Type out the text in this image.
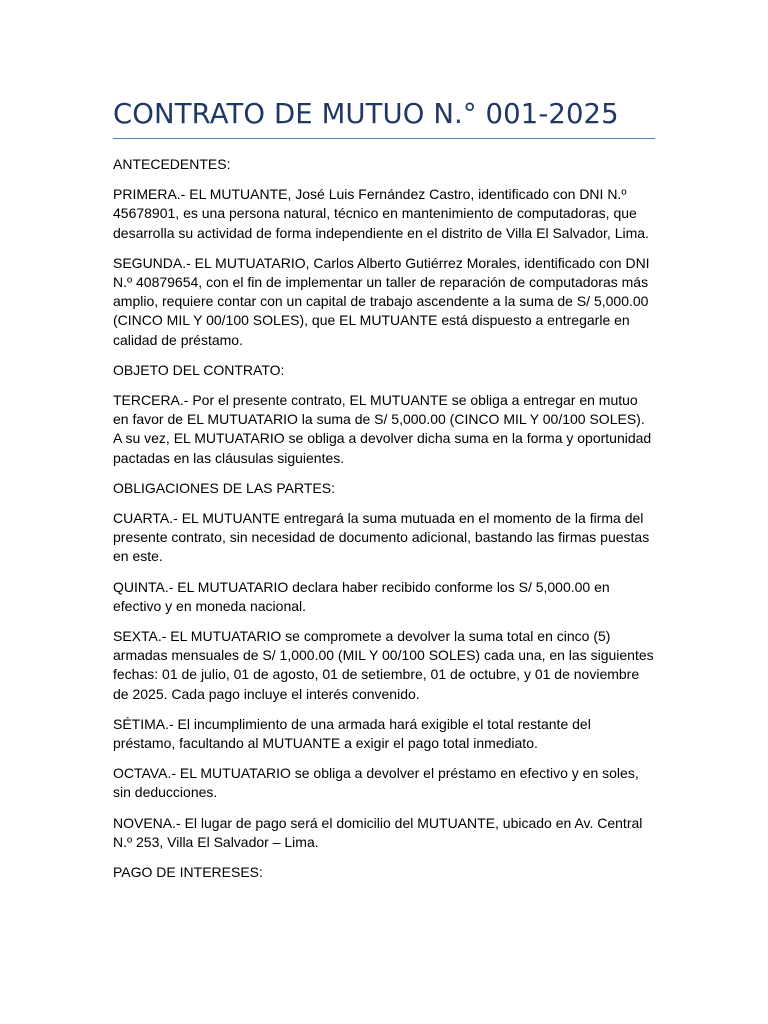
CONTRATO DE MUTUO N.° 001-2025

ANTECEDENTES:

PRIMERA.- EL MUTUANTE, José Luis Fernández Castro, identificado con DNI N.º 45678901, es una persona natural, técnico en mantenimiento de computadoras, que desarrolla su actividad de forma independiente en el distrito de Villa El Salvador, Lima.

SEGUNDA.- EL MUTUATARIO, Carlos Alberto Gutiérrez Morales, identificado con DNI N.º 40879654, con el fin de implementar un taller de reparación de computadoras más amplio, requiere contar con un capital de trabajo ascendente a la suma de S/ 5,000.00 (CINCO MIL Y 00/100 SOLES), que EL MUTUANTE está dispuesto a entregarle en calidad de préstamo.

OBJETO DEL CONTRATO:

TERCERA.- Por el presente contrato, EL MUTUANTE se obliga a entregar en mutuo en favor de EL MUTUATARIO la suma de S/ 5,000.00 (CINCO MIL Y 00/100 SOLES). A su vez, EL MUTUATARIO se obliga a devolver dicha suma en la forma y oportunidad pactadas en las cláusulas siguientes.

OBLIGACIONES DE LAS PARTES:

CUARTA.- EL MUTUANTE entregará la suma mutuada en el momento de la firma del presente contrato, sin necesidad de documento adicional, bastando las firmas puestas en este.

QUINTA.- EL MUTUATARIO declara haber recibido conforme los S/ 5,000.00 en efectivo y en moneda nacional.

SEXTA.- EL MUTUATARIO se compromete a devolver la suma total en cinco (5) armadas mensuales de S/ 1,000.00 (MIL Y 00/100 SOLES) cada una, en las siguientes fechas: 01 de julio, 01 de agosto, 01 de setiembre, 01 de octubre, y 01 de noviembre de 2025. Cada pago incluye el interés convenido.

SÉTIMA.- El incumplimiento de una armada hará exigible el total restante del préstamo, facultando al MUTUANTE a exigir el pago total inmediato.

OCTAVA.- EL MUTUATARIO se obliga a devolver el préstamo en efectivo y en soles, sin deducciones.

NOVENA.- El lugar de pago será el domicilio del MUTUANTE, ubicado en Av. Central N.º 253, Villa El Salvador – Lima.

PAGO DE INTERESES:
